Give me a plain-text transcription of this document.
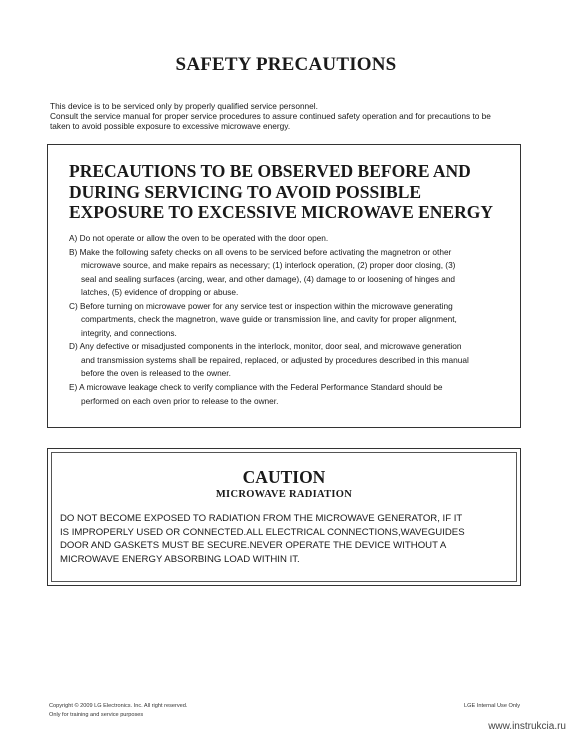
SAFETY PRECAUTIONS
This device is to be serviced only by properly qualified service personnel.
Consult the service manual for proper service procedures to assure continued safety operation and for precautions to be
taken to avoid possible exposure to excessive microwave energy.
PRECAUTIONS TO BE OBSERVED BEFORE AND
DURING SERVICING TO AVOID POSSIBLE
EXPOSURE TO EXCESSIVE MICROWAVE ENERGY
A) Do not operate or allow the oven to be operated with the door open.
B) Make the following safety checks on all ovens to be serviced before activating the magnetron or other
microwave source, and make repairs as necessary; (1) interlock operation, (2) proper door closing, (3)
seal and sealing surfaces (arcing, wear, and other damage), (4) damage to or loosening of hinges and
latches, (5) evidence of dropping or abuse.
C) Before turning on microwave power for any service test or inspection within the microwave generating
compartments, check the magnetron, wave guide or transmission line, and cavity for proper alignment,
integrity, and connections.
D) Any defective or misadjusted components in the interlock, monitor, door seal, and microwave generation
and transmission systems shall be repaired, replaced, or adjusted by procedures described in this manual
before the oven is released to the owner.
E) A microwave leakage check to verify compliance with the Federal Performance Standard should be
performed on each oven prior to release to the owner.
CAUTION
MICROWAVE RADIATION
DO NOT BECOME EXPOSED TO RADIATION FROM THE MICROWAVE GENERATOR, IF IT
IS IMPROPERLY USED OR CONNECTED.ALL ELECTRICAL CONNECTIONS,WAVEGUIDES
DOOR AND GASKETS MUST BE SECURE.NEVER OPERATE THE DEVICE WITHOUT A
MICROWAVE ENERGY ABSORBING LOAD WITHIN IT.
Copyright © 2009 LG Electronics. Inc. All right reserved.
Only for training and service purposes
LGE Internal Use Only
www.instrukcia.ru
